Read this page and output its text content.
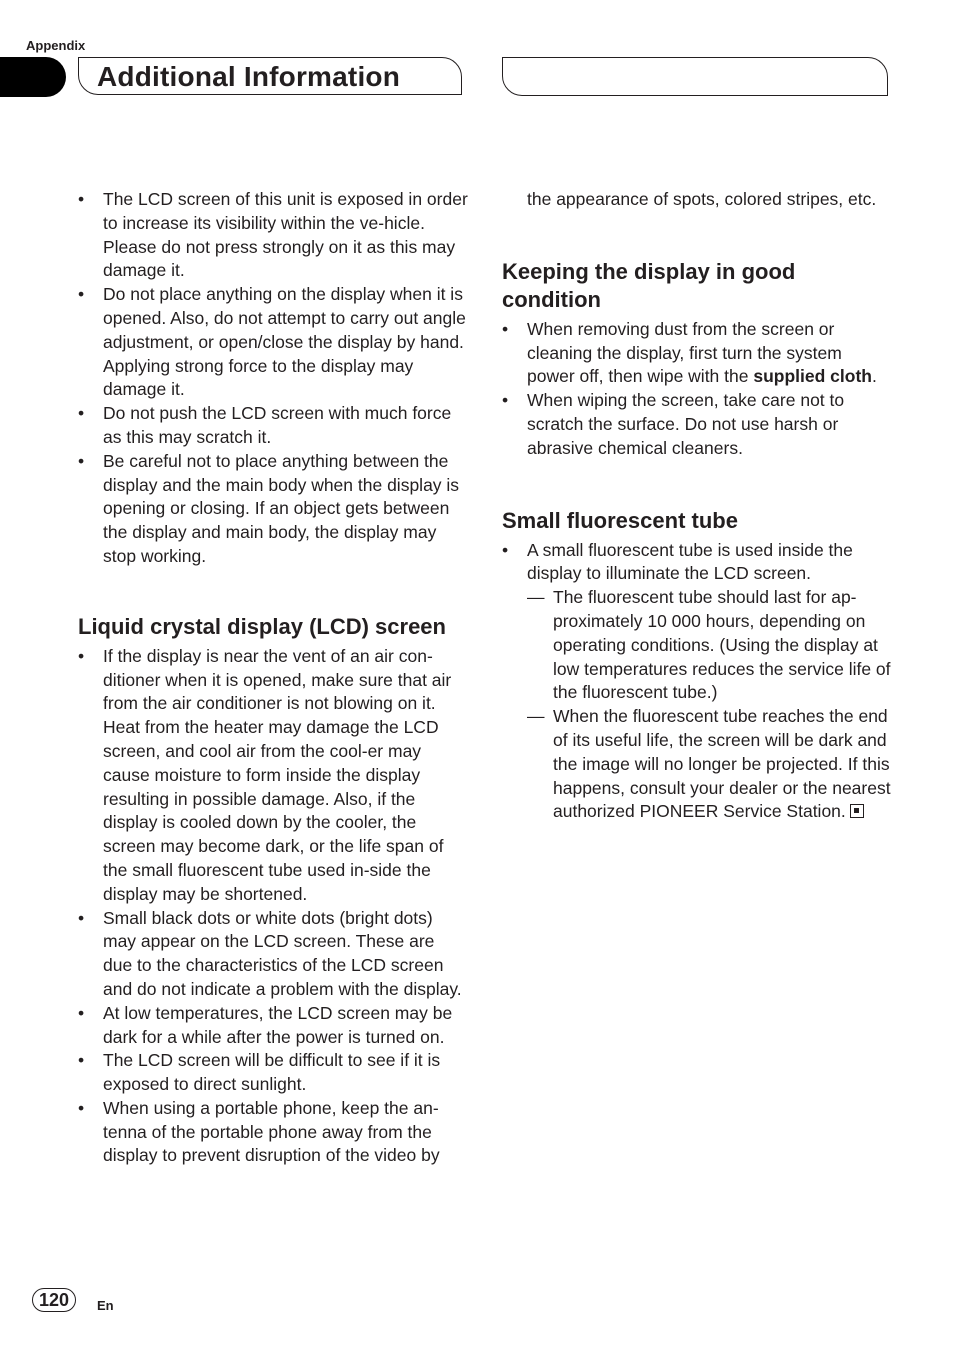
Appendix
Additional Information
• The LCD screen of this unit is exposed in order to increase its visibility within the ve-hicle. Please do not press strongly on it as this may damage it.
• Do not place anything on the display when it is opened. Also, do not attempt to carry out angle adjustment, or open/close the display by hand. Applying strong force to the display may damage it.
• Do not push the LCD screen with much force as this may scratch it.
• Be careful not to place anything between the display and the main body when the display is opening or closing. If an object gets between the display and main body, the display may stop working.
Liquid crystal display (LCD) screen
• If the display is near the vent of an air con-ditioner when it is opened, make sure that air from the air conditioner is not blowing on it. Heat from the heater may damage the LCD screen, and cool air from the cool-er may cause moisture to form inside the display resulting in possible damage. Also, if the display is cooled down by the cooler, the screen may become dark, or the life span of the small fluorescent tube used in-side the display may be shortened.
• Small black dots or white dots (bright dots) may appear on the LCD screen. These are due to the characteristics of the LCD screen and do not indicate a problem with the display.
• At low temperatures, the LCD screen may be dark for a while after the power is turned on.
• The LCD screen will be difficult to see if it is exposed to direct sunlight.
• When using a portable phone, keep the an-tenna of the portable phone away from the display to prevent disruption of the video by
the appearance of spots, colored stripes, etc.
Keeping the display in good condition
• When removing dust from the screen or cleaning the display, first turn the system power off, then wipe with the supplied cloth.
• When wiping the screen, take care not to scratch the surface. Do not use harsh or abrasive chemical cleaners.
Small fluorescent tube
• A small fluorescent tube is used inside the display to illuminate the LCD screen.
— The fluorescent tube should last for ap-proximately 10 000 hours, depending on operating conditions. (Using the display at low temperatures reduces the service life of the fluorescent tube.)
— When the fluorescent tube reaches the end of its useful life, the screen will be dark and the image will no longer be projected. If this happens, consult your dealer or the nearest authorized PIONEER Service Station.
120	En
